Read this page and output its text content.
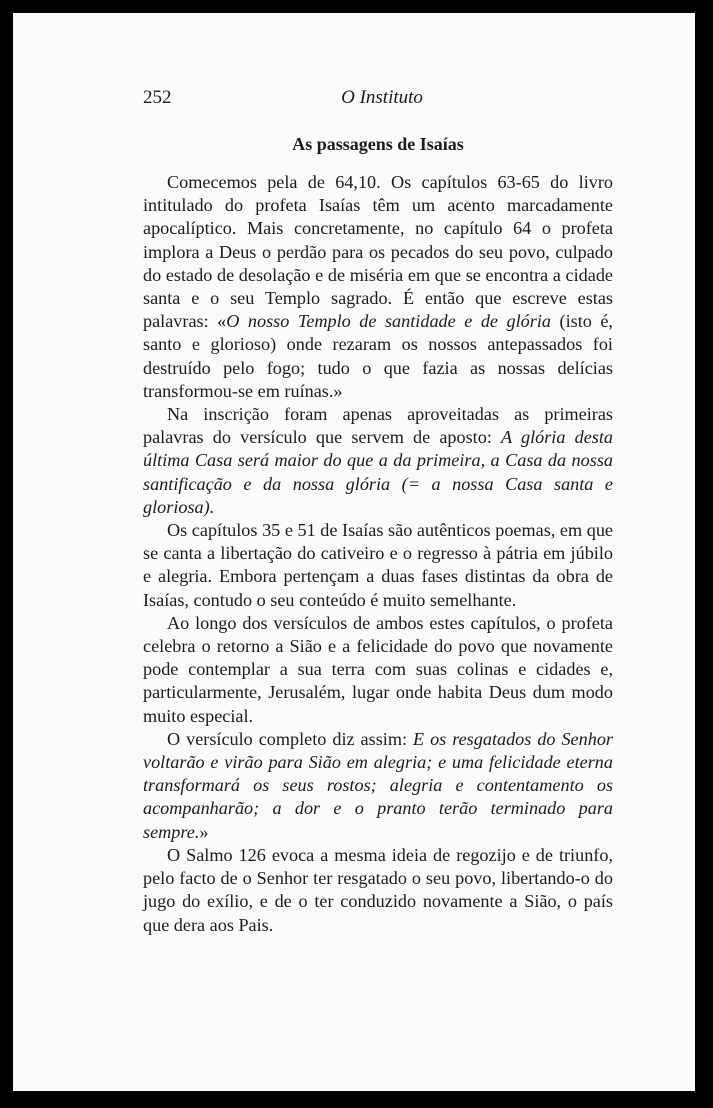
252	O Instituto
As passagens de Isaías

Comecemos pela de 64,10. Os capítulos 63-65 do livro intitulado do profeta Isaías têm um acento marcadamente apocalíptico. Mais concretamente, no capítulo 64 o profeta implora a Deus o perdão para os pecados do seu povo, culpado do estado de desolação e de miséria em que se encontra a cidade santa e o seu Templo sagrado. É então que escreve estas palavras: «O nosso Templo de santidade e de glória (isto é, santo e glorioso) onde rezaram os nossos antepassados foi destruído pelo fogo; tudo o que fazia as nossas delícias transformou-se em ruínas.»

Na inscrição foram apenas aproveitadas as primeiras palavras do versículo que servem de aposto: A glória desta última Casa será maior do que a da primeira, a Casa da nossa santificação e da nossa glória (= a nossa Casa santa e gloriosa).

Os capítulos 35 e 51 de Isaías são autênticos poemas, em que se canta a libertação do cativeiro e o regresso à pátria em júbilo e alegria. Embora pertençam a duas fases distintas da obra de Isaías, contudo o seu conteúdo é muito semelhante.

Ao longo dos versículos de ambos estes capítulos, o profeta celebra o retorno a Sião e a felicidade do povo que novamente pode contemplar a sua terra com suas colinas e cidades e, particularmente, Jerusalém, lugar onde habita Deus dum modo muito especial.

O versículo completo diz assim: E os resgatados do Senhor voltarão e virão para Sião em alegria; e uma felicidade eterna transformará os seus rostos; alegria e contentamento os acompanharão; a dor e o pranto terão terminado para sempre.»

O Salmo 126 evoca a mesma ideia de regozijo e de triunfo, pelo facto de o Senhor ter resgatado o seu povo, libertando-o do jugo do exílio, e de o ter conduzido novamente a Sião, o país que dera aos Pais.
